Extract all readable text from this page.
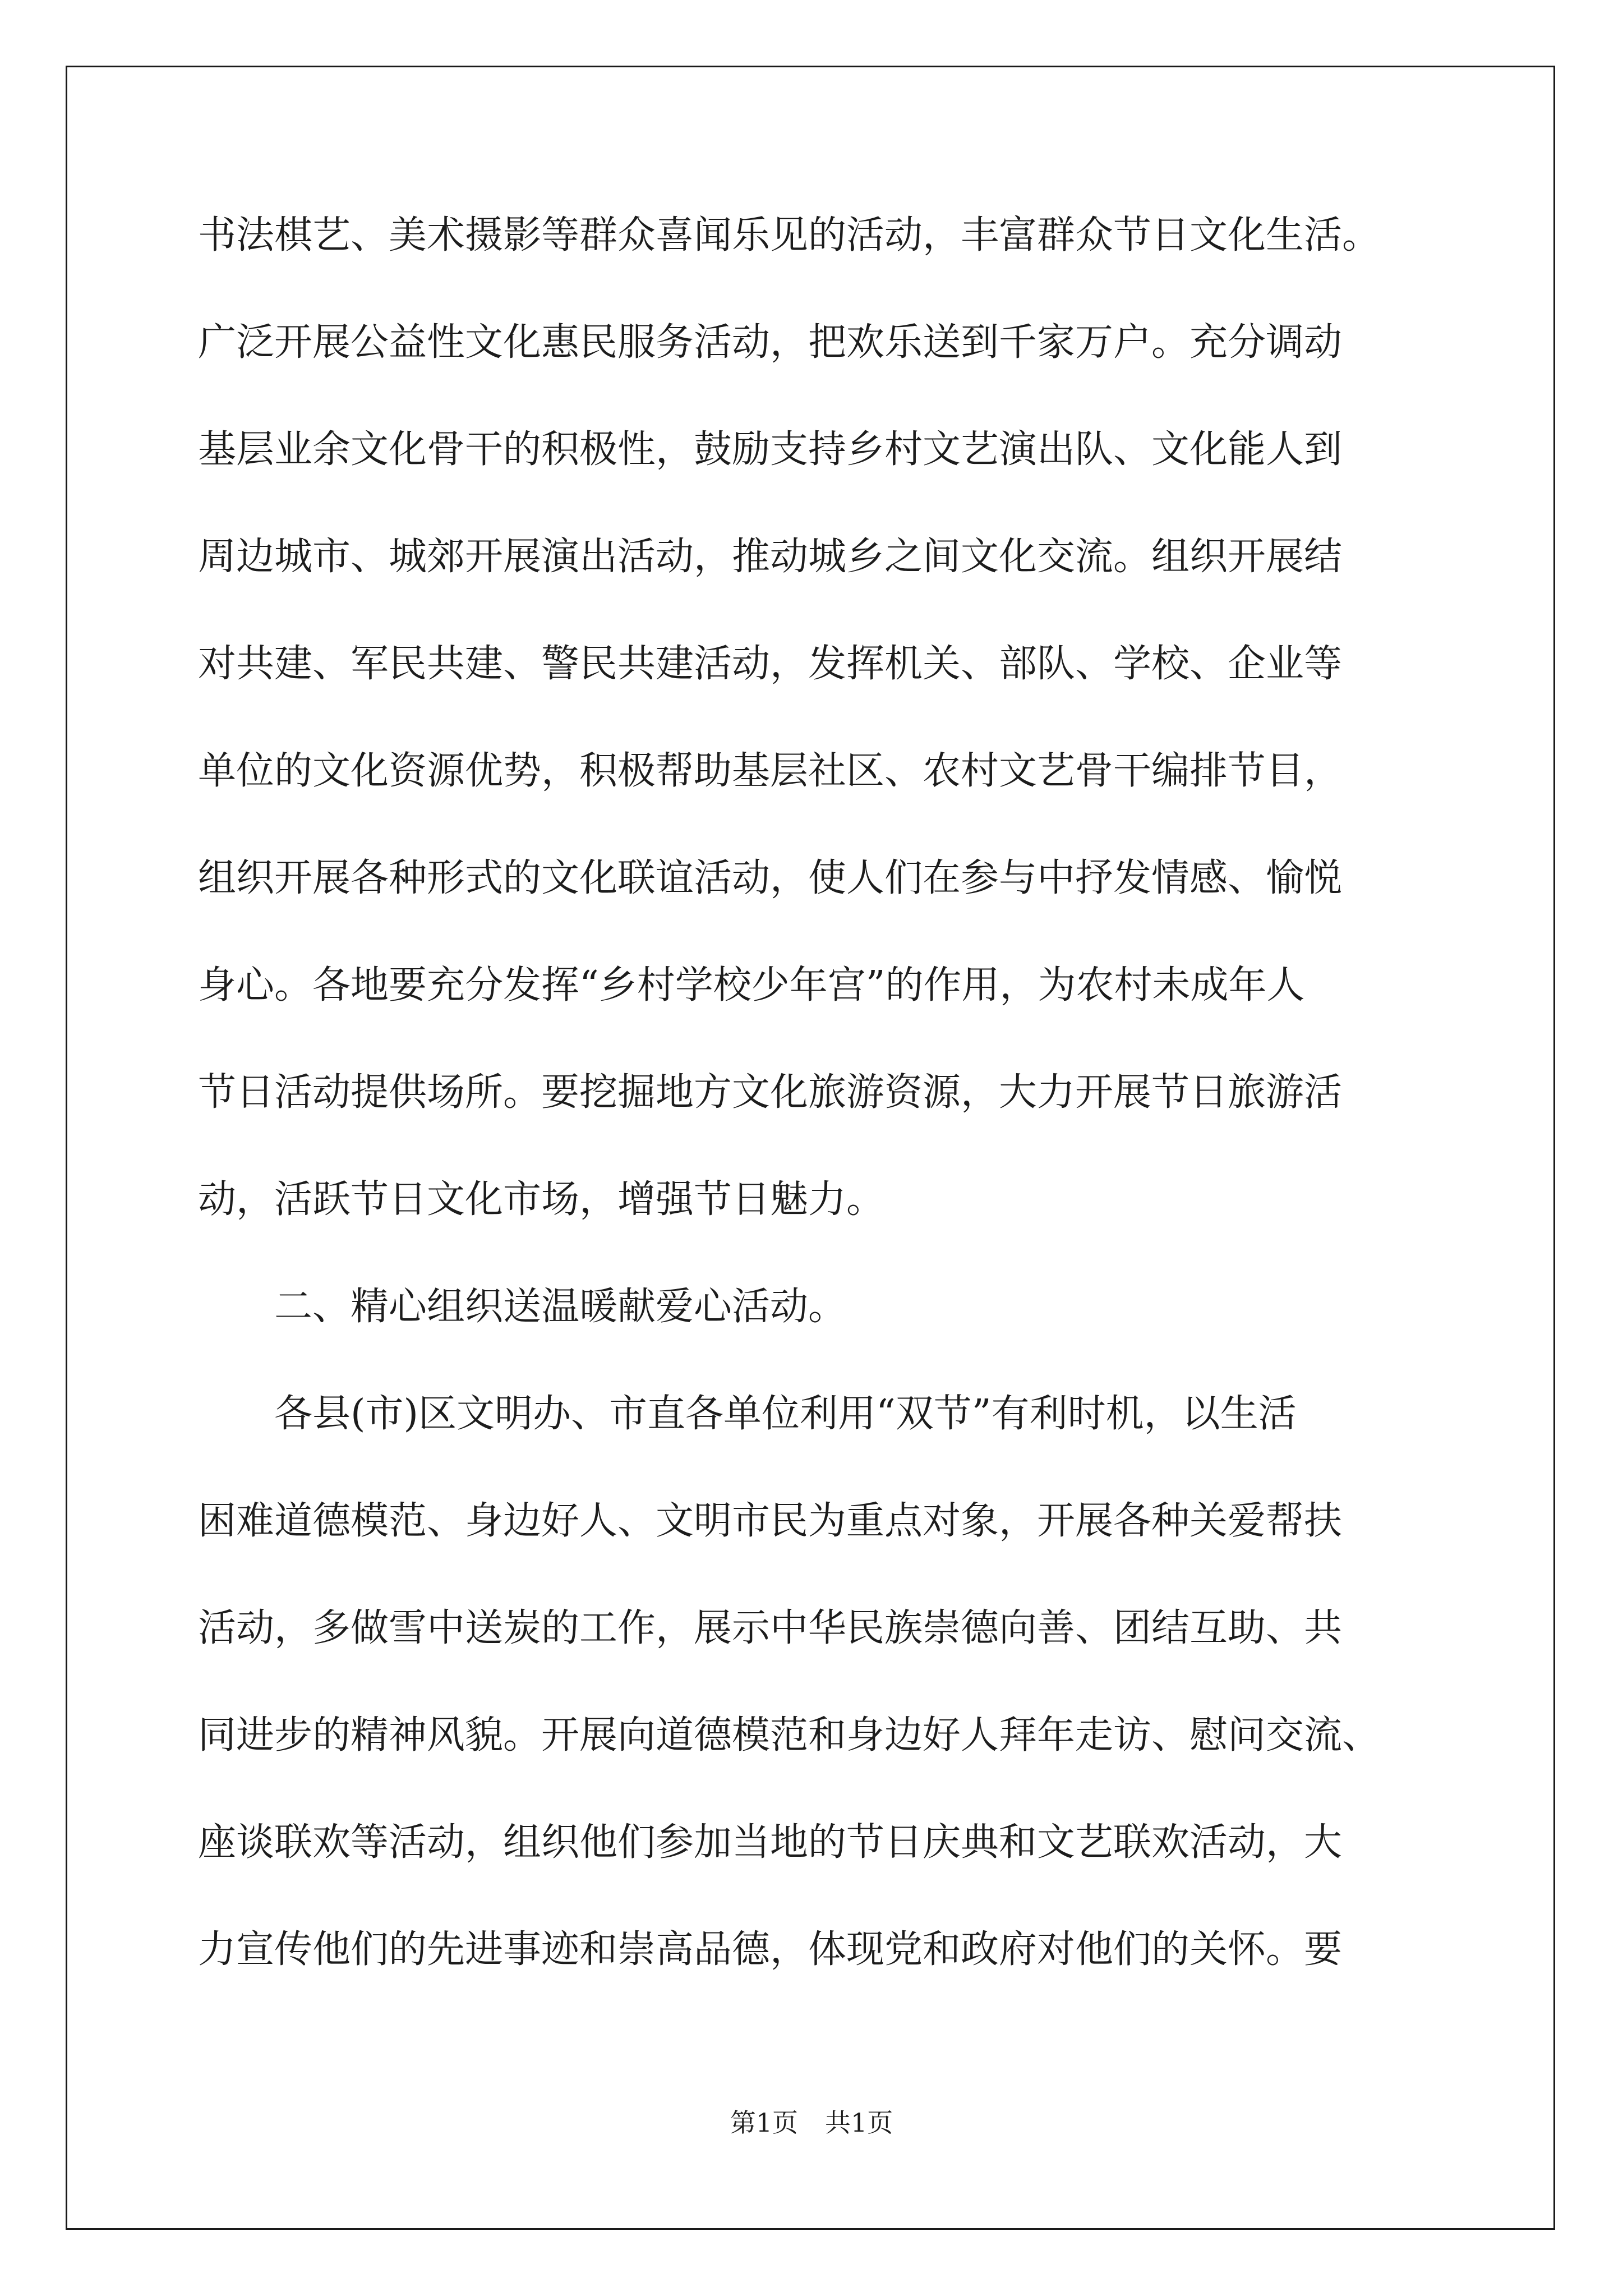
书法棋艺、美术摄影等群众喜闻乐见的活动，丰富群众节日文化生活。
广泛开展公益性文化惠民服务活动，把欢乐送到千家万户。充分调动
基层业余文化骨干的积极性，鼓励支持乡村文艺演出队、文化能人到
周边城市、城郊开展演出活动，推动城乡之间文化交流。组织开展结
对共建、军民共建、警民共建活动，发挥机关、部队、学校、企业等
单位的文化资源优势，积极帮助基层社区、农村文艺骨干编排节目，
组织开展各种形式的文化联谊活动，使人们在参与中抒发情感、愉悦
身心。各地要充分发挥“乡村学校少年宫”的作用，为农村未成年人
节日活动提供场所。要挖掘地方文化旅游资源，大力开展节日旅游活
动，活跃节日文化市场，增强节日魅力。
二、精心组织送温暖献爱心活动。
各县(市)区文明办、市直各单位利用“双节”有利时机，以生活
困难道德模范、身边好人、文明市民为重点对象，开展各种关爱帮扶
活动，多做雪中送炭的工作，展示中华民族崇德向善、团结互助、共
同进步的精神风貌。开展向道德模范和身边好人拜年走访、慰问交流、
座谈联欢等活动，组织他们参加当地的节日庆典和文艺联欢活动，大
力宣传他们的先进事迹和崇高品德，体现党和政府对他们的关怀。要
第1页 共1页
